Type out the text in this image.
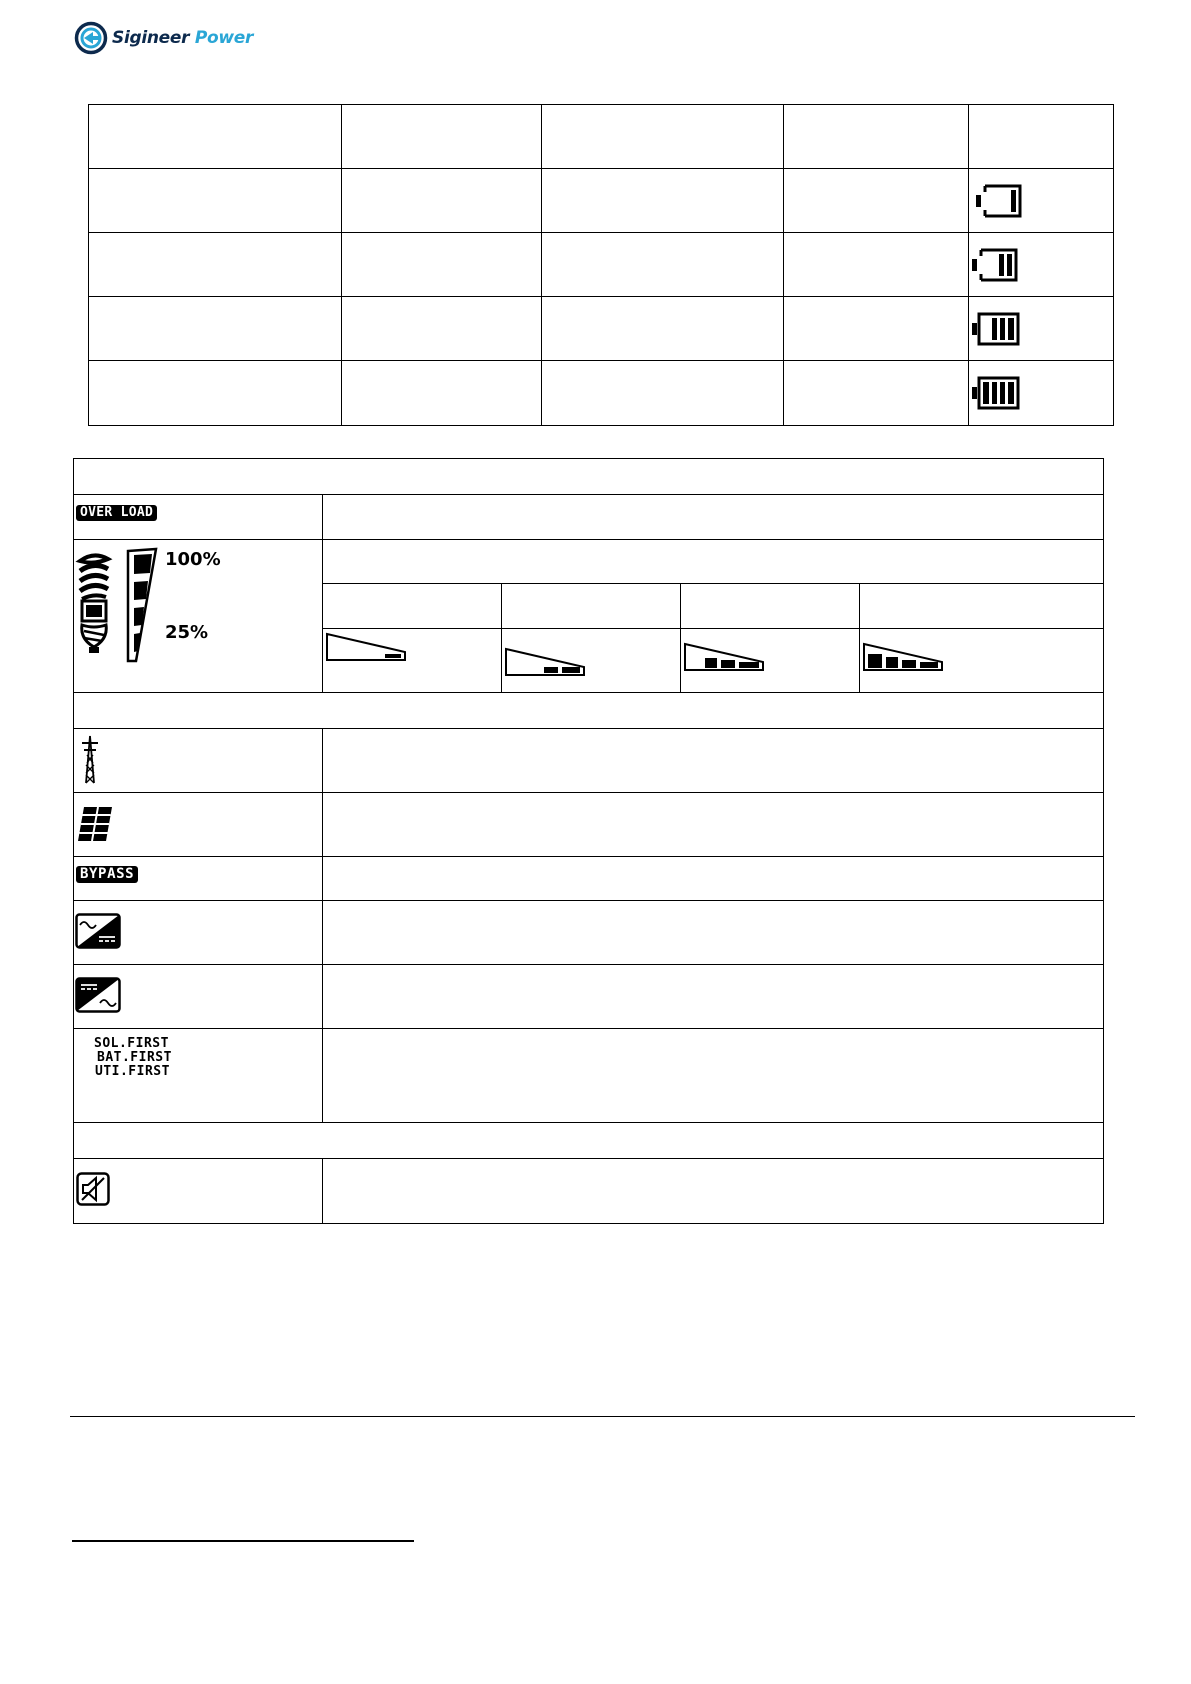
Sigineer Power
OVER LOAD
100%
25%
BYPASS
SOL.FIRST
BAT.FIRST
UTI.FIRST
